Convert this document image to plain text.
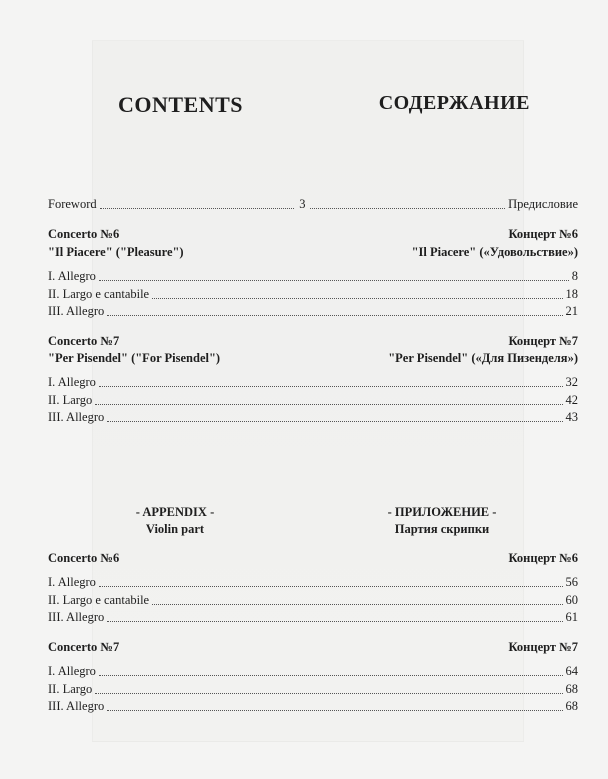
CONTENTS	СОДЕРЖАНИЕ
Foreword	3	Предисловие
Concerto №6	Концерт №6
"Il Piacere" ("Pleasure")	"Il Piacere" («Удовольствие»)
I. Allegro	8
II. Largo e cantabile	18
III. Allegro	21
Concerto №7	Концерт №7
"Per Pisendel" ("For Pisendel")	"Per Pisendel" («Для Пизенделя»)
I. Allegro	32
II. Largo	42
III. Allegro	43
- APPENDIX -
Violin part
- ПРИЛОЖЕНИЕ -
Партия скрипки
Concerto №6	Концерт №6
I. Allegro	56
II. Largo e cantabile	60
III. Allegro	61
Concerto №7	Концерт №7
I. Allegro	64
II. Largo	68
III. Allegro	68
